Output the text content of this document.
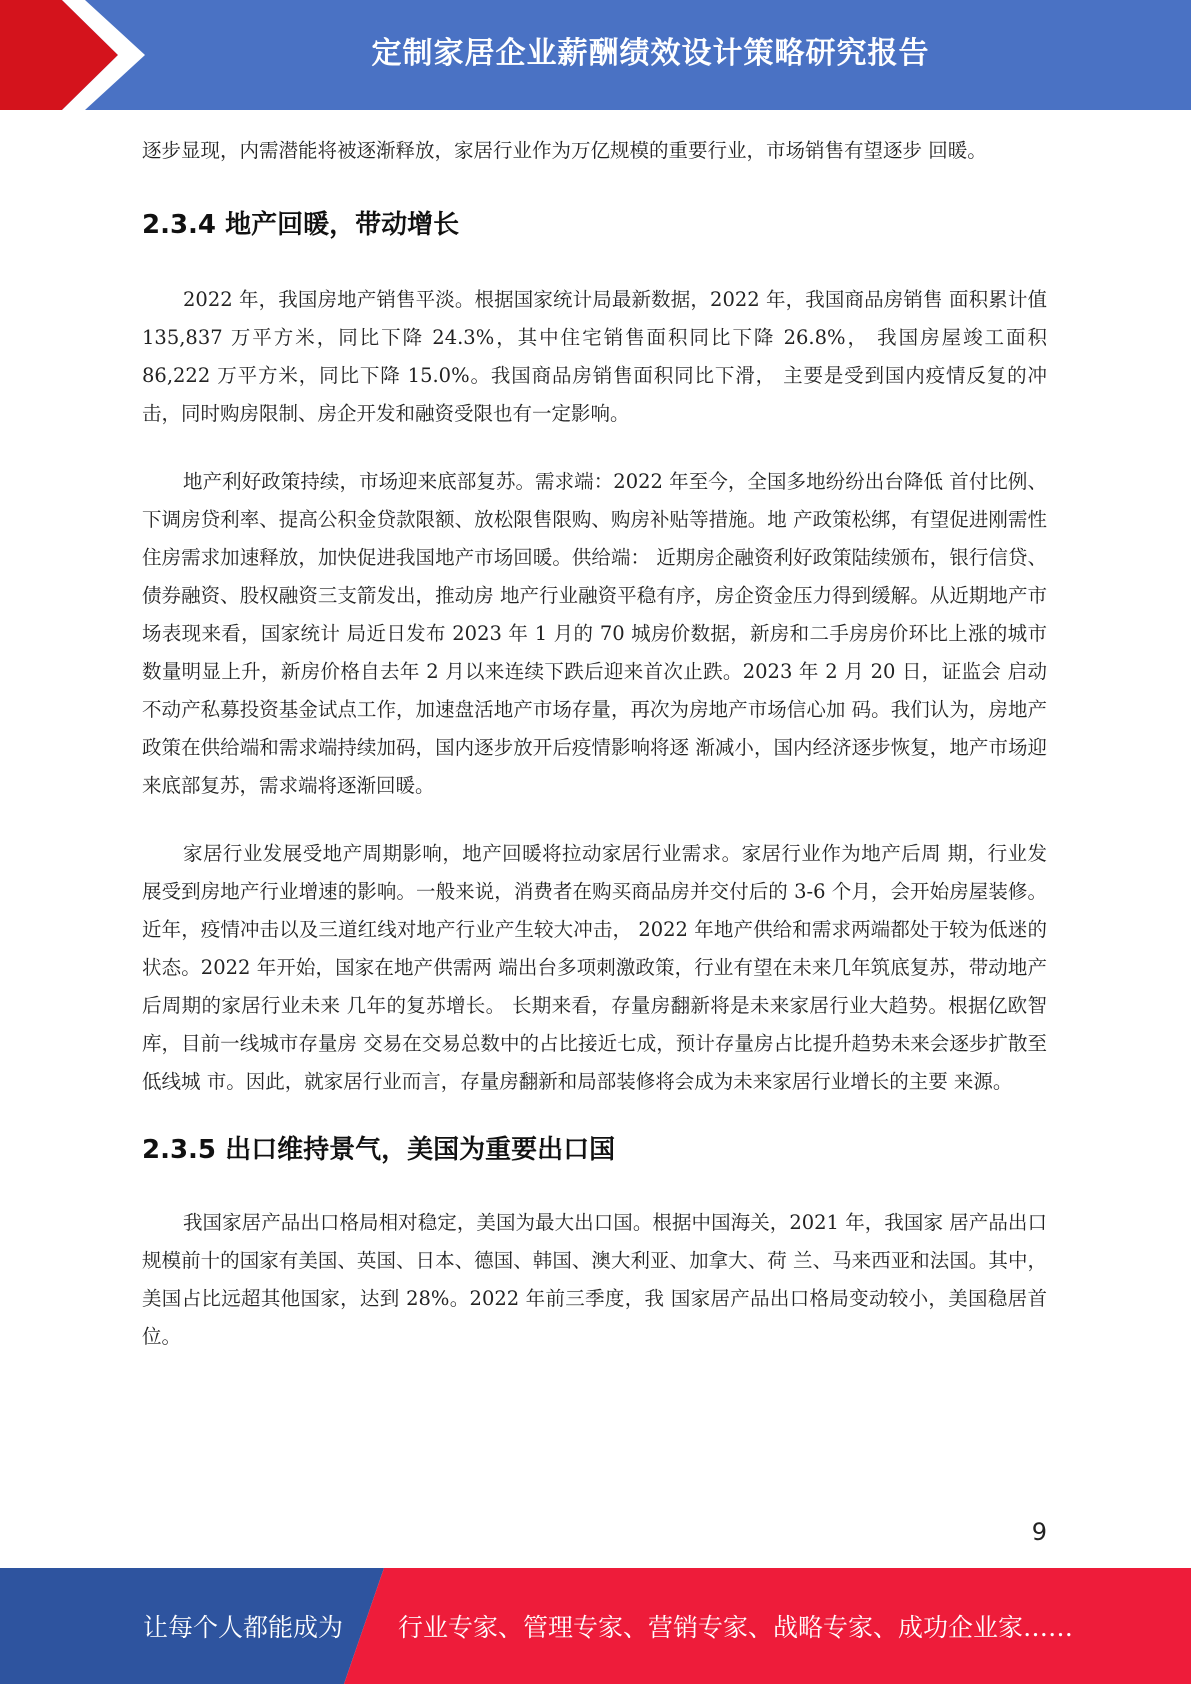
定制家居企业薪酬绩效设计策略研究报告

逐步显现，内需潜能将被逐渐释放，家居行业作为万亿规模的重要行业，市场销售有望逐步 回暖。

2.3.4 地产回暖，带动增长

2022 年，我国房地产销售平淡。根据国家统计局最新数据，2022 年，我国商品房销售 面积累计值 135,837 万平方米，同比下降 24.3%，其中住宅销售面积同比下降 26.8%， 我国房屋竣工面积 86,222 万平方米，同比下降 15.0%。我国商品房销售面积同比下滑， 主要是受到国内疫情反复的冲击，同时购房限制、房企开发和融资受限也有一定影响。

地产利好政策持续，市场迎来底部复苏。需求端：2022 年至今，全国多地纷纷出台降低 首付比例、下调房贷利率、提高公积金贷款限额、放松限售限购、购房补贴等措施。地 产政策松绑，有望促进刚需性住房需求加速释放，加快促进我国地产市场回暖。供给端： 近期房企融资利好政策陆续颁布，银行信贷、债券融资、股权融资三支箭发出，推动房 地产行业融资平稳有序，房企资金压力得到缓解。从近期地产市场表现来看，国家统计 局近日发布 2023 年 1 月的 70 城房价数据，新房和二手房房价环比上涨的城市数量明显上升，新房价格自去年 2 月以来连续下跌后迎来首次止跌。2023 年 2 月 20 日，证监会 启动不动产私募投资基金试点工作，加速盘活地产市场存量，再次为房地产市场信心加 码。我们认为，房地产政策在供给端和需求端持续加码，国内逐步放开后疫情影响将逐 渐减小，国内经济逐步恢复，地产市场迎来底部复苏，需求端将逐渐回暖。

家居行业发展受地产周期影响，地产回暖将拉动家居行业需求。家居行业作为地产后周 期，行业发展受到房地产行业增速的影响。一般来说，消费者在购买商品房并交付后的 3-6 个月，会开始房屋装修。近年，疫情冲击以及三道红线对地产行业产生较大冲击， 2022 年地产供给和需求两端都处于较为低迷的状态。2022 年开始，国家在地产供需两 端出台多项刺激政策，行业有望在未来几年筑底复苏，带动地产后周期的家居行业未来 几年的复苏增长。 长期来看，存量房翻新将是未来家居行业大趋势。根据亿欧智库，目前一线城市存量房 交易在交易总数中的占比接近七成，预计存量房占比提升趋势未来会逐步扩散至低线城 市。因此，就家居行业而言，存量房翻新和局部装修将会成为未来家居行业增长的主要 来源。

2.3.5 出口维持景气，美国为重要出口国

我国家居产品出口格局相对稳定，美国为最大出口国。根据中国海关，2021 年，我国家 居产品出口规模前十的国家有美国、英国、日本、德国、韩国、澳大利亚、加拿大、荷 兰、马来西亚和法国。其中，美国占比远超其他国家，达到 28%。2022 年前三季度，我 国家居产品出口格局变动较小，美国稳居首位。

9
让每个人都能成为 行业专家、管理专家、营销专家、战略专家、成功企业家……
